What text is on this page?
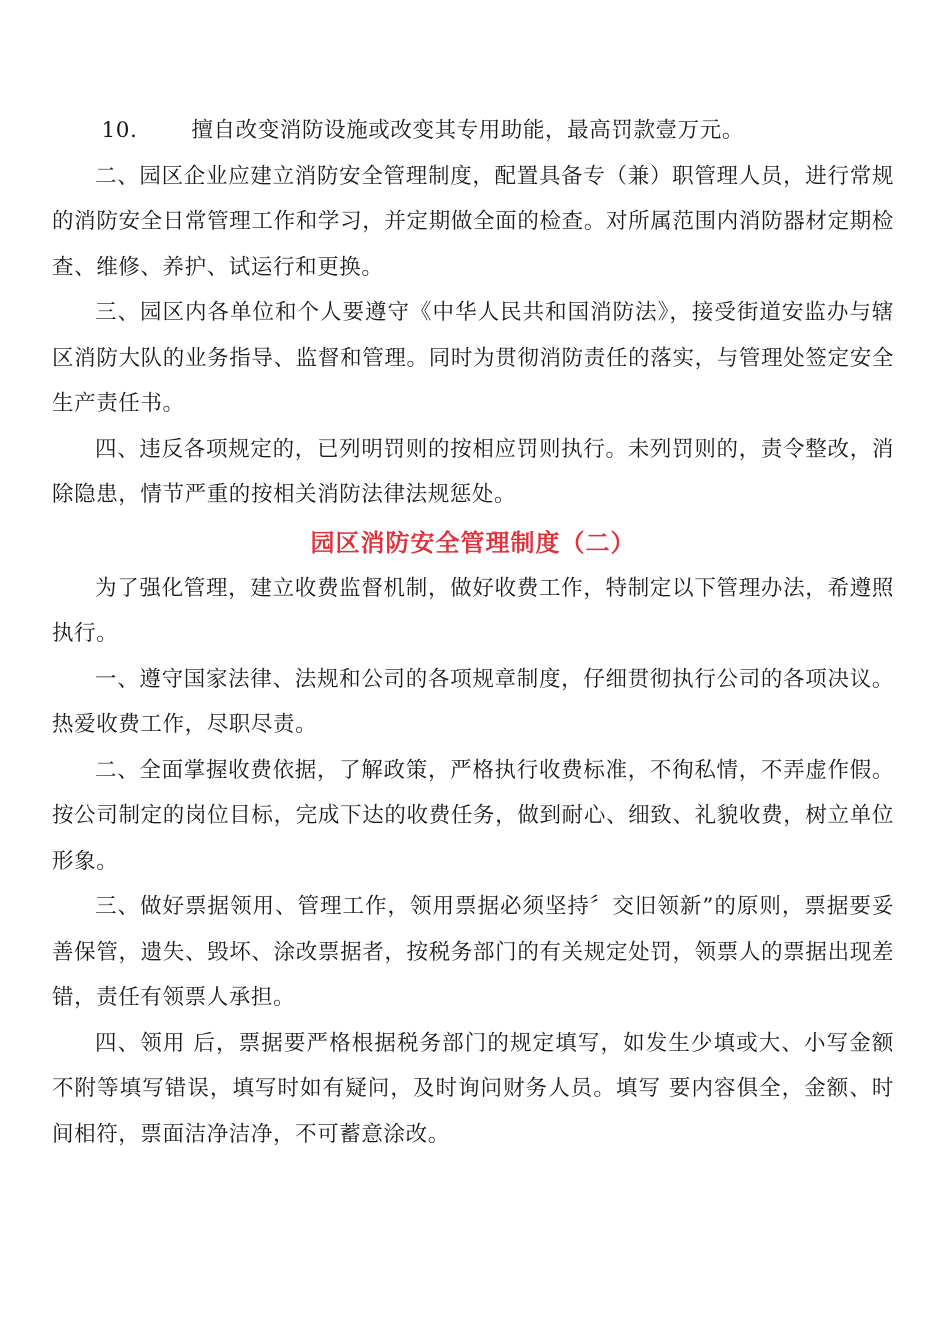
10.	擅自改变消防设施或改变其专用助能，最高罚款壹万元。

二、园区企业应建立消防安全管理制度，配置具备专（兼）职管理人员，进行常规的消防安全日常管理工作和学习，并定期做全面的检查。对所属范围内消防器材定期检查、维修、养护、试运行和更换。

三、园区内各单位和个人要遵守《中华人民共和国消防法》，接受街道安监办与辖区消防大队的业务指导、监督和管理。同时为贯彻消防责任的落实，与管理处签定安全生产责任书。

四、违反各项规定的，已列明罚则的按相应罚则执行。未列罚则的，责令整改，消除隐患，情节严重的按相关消防法律法规惩处。

园区消防安全管理制度（二）

为了强化管理，建立收费监督机制，做好收费工作，特制定以下管理办法，希遵照执行。

一、遵守国家法律、法规和公司的各项规章制度，仔细贯彻执行公司的各项决议。热爱收费工作，尽职尽责。

二、全面掌握收费依据，了解政策，严格执行收费标准，不徇私情，不弄虚作假。按公司制定的岗位目标，完成下达的收费任务，做到耐心、细致、礼貌收费，树立单位形象。

三、做好票据领用、管理工作，领用票据必须坚持〞交旧领新”的原则，票据要妥善保管，遗失、毁坏、涂改票据者，按税务部门的有关规定处罚，领票人的票据出现差错，责任有领票人承担。

四、领用 后，票据要严格根据税务部门的规定填写，如发生少填或大、小写金额不附等填写错误，填写时如有疑问，及时询问财务人员。填写 要内容俱全，金额、时间相符，票面洁净洁净，不可蓄意涂改。
